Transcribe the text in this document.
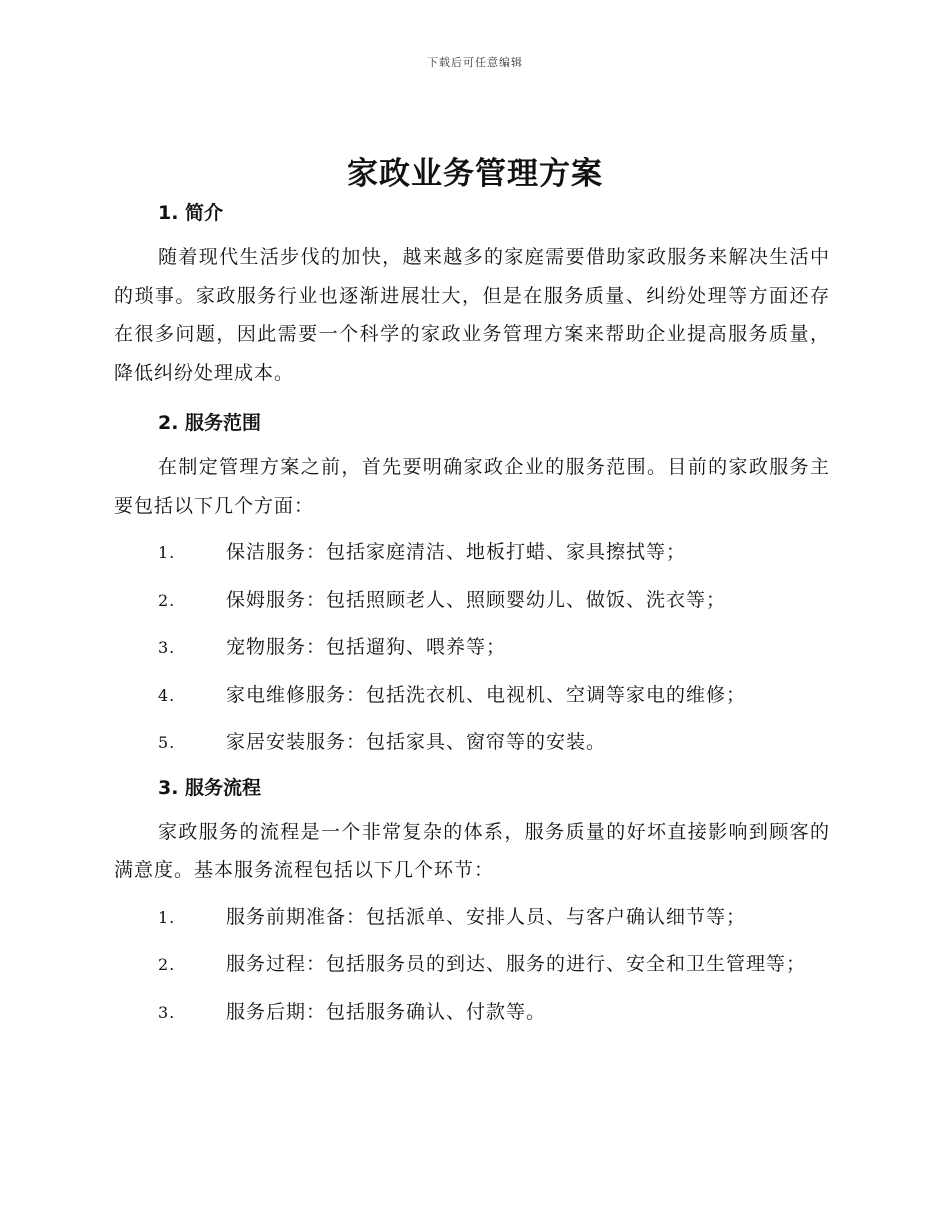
下载后可任意编辑
家政业务管理方案
1. 简介

随着现代生活步伐的加快，越来越多的家庭需要借助家政服务来解决生活中的琐事。家政服务行业也逐渐进展壮大，但是在服务质量、纠纷处理等方面还存在很多问题，因此需要一个科学的家政业务管理方案来帮助企业提高服务质量，降低纠纷处理成本。

2. 服务范围

在制定管理方案之前，首先要明确家政企业的服务范围。目前的家政服务主要包括以下几个方面：

1.	保洁服务：包括家庭清洁、地板打蜡、家具擦拭等；

2.	保姆服务：包括照顾老人、照顾婴幼儿、做饭、洗衣等；

3.	宠物服务：包括遛狗、喂养等；

4.	家电维修服务：包括洗衣机、电视机、空调等家电的维修；

5.	家居安装服务：包括家具、窗帘等的安装。

3. 服务流程

家政服务的流程是一个非常复杂的体系，服务质量的好坏直接影响到顾客的满意度。基本服务流程包括以下几个环节：

1.	服务前期准备：包括派单、安排人员、与客户确认细节等；

2.	服务过程：包括服务员的到达、服务的进行、安全和卫生管理等；

3.	服务后期：包括服务确认、付款等。
